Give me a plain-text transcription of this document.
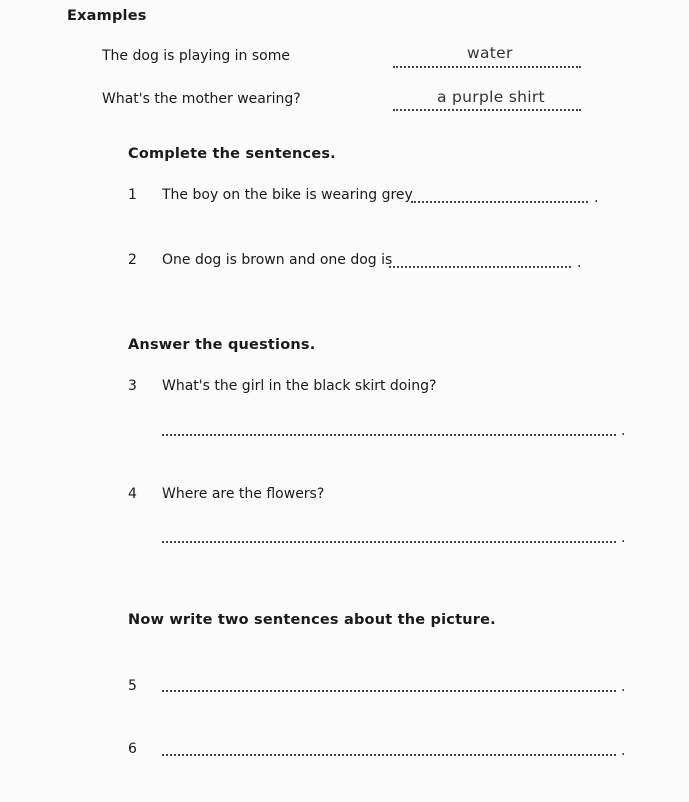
Examples
The dog is playing in some	water
What's the mother wearing?	a purple shirt
Complete the sentences.
1 The boy on the bike is wearing grey	.
2 One dog is brown and one dog is	.
Answer the questions.
3 What's the girl in the black skirt doing?
.
4 Where are the flowers?
.
Now write two sentences about the picture.
5	.
6	.
